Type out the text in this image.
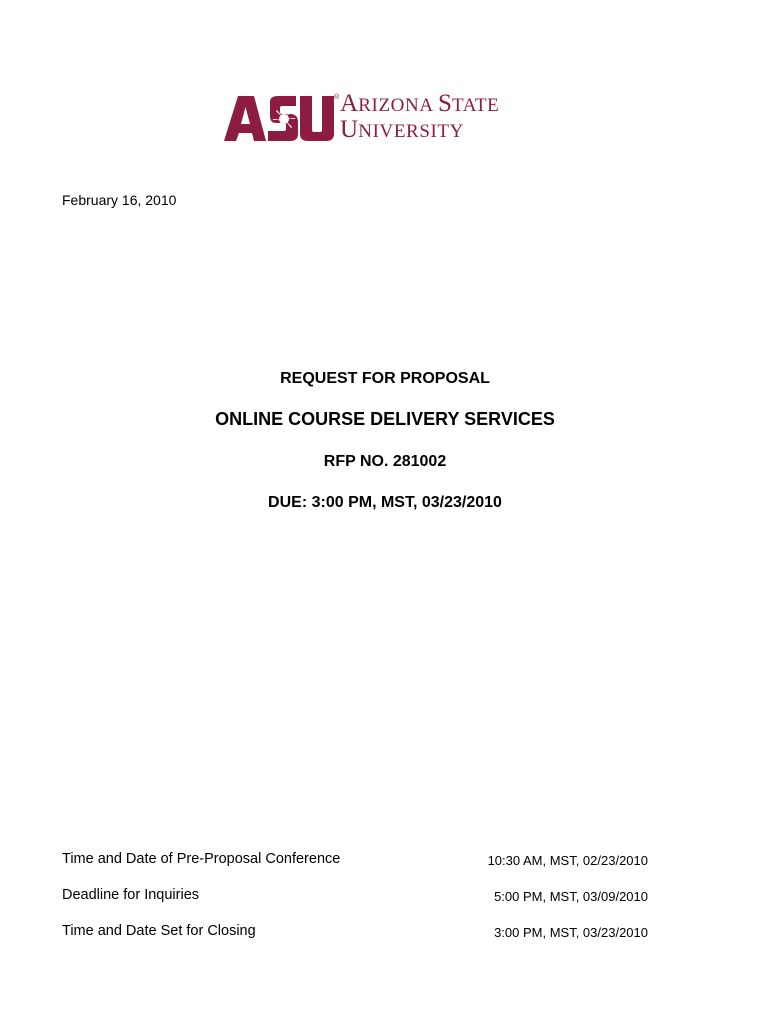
® ARIZONA STATE
UNIVERSITY
February 16, 2010
REQUEST FOR PROPOSAL
ONLINE COURSE DELIVERY SERVICES
RFP NO. 281002
DUE: 3:00 PM, MST, 03/23/2010
Time and Date of Pre-Proposal Conference	10:30 AM, MST, 02/23/2010
Deadline for Inquiries	5:00 PM, MST, 03/09/2010
Time and Date Set for Closing	3:00 PM, MST, 03/23/2010
